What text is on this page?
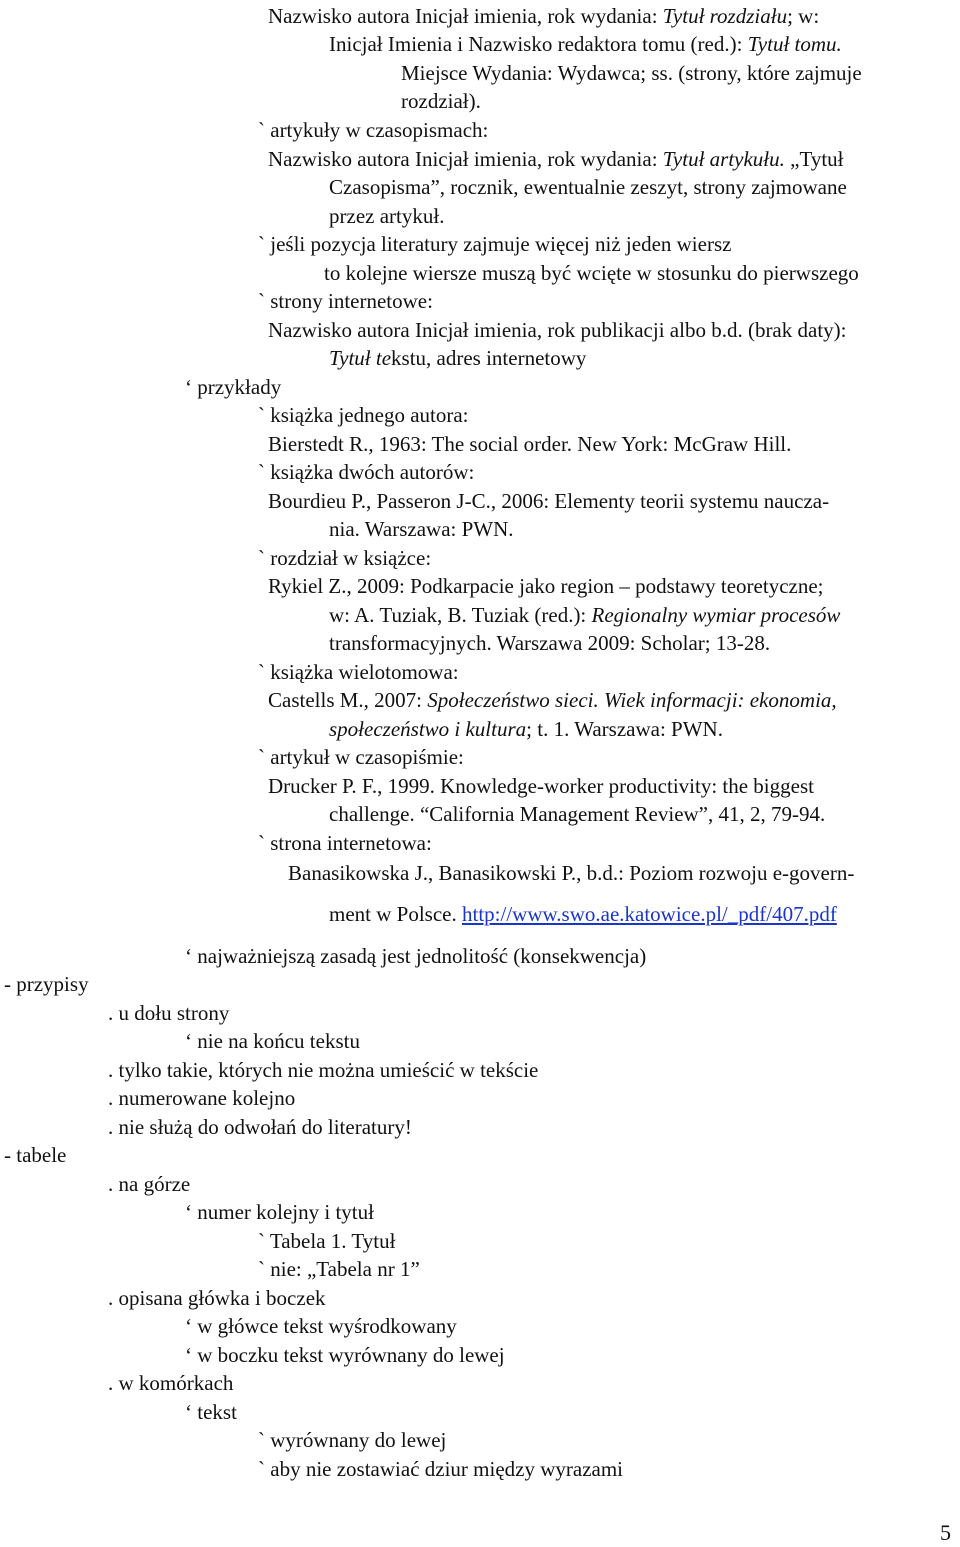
Nazwisko autora Inicjał imienia, rok wydania: Tytuł rozdziału; w:
Inicjał Imienia i Nazwisko redaktora tomu (red.): Tytuł tomu.
Miejsce Wydania: Wydawca; ss. (strony, które zajmuje
rozdział).
` artykuły w czasopismach:
Nazwisko autora Inicjał imienia, rok wydania: Tytuł artykułu. „Tytuł
Czasopisma”, rocznik, ewentualnie zeszyt, strony zajmowane
przez artykuł.
` jeśli pozycja literatury zajmuje więcej niż jeden wiersz
to kolejne wiersze muszą być wcięte w stosunku do pierwszego
` strony internetowe:
Nazwisko autora Inicjał imienia, rok publikacji albo b.d. (brak daty):
Tytuł tekstu, adres internetowy
‘ przykłady
` książka jednego autora:
Bierstedt R., 1963: The social order. New York: McGraw Hill.
` książka dwóch autorów:
Bourdieu P., Passeron J-C., 2006: Elementy teorii systemu naucza-
nia. Warszawa: PWN.
` rozdział w książce:
Rykiel Z., 2009: Podkarpacie jako region – podstawy teoretyczne;
w: A. Tuziak, B. Tuziak (red.): Regionalny wymiar procesów
transformacyjnych. Warszawa 2009: Scholar; 13-28.
` książka wielotomowa:
Castells M., 2007: Społeczeństwo sieci. Wiek informacji: ekonomia,
społeczeństwo i kultura; t. 1. Warszawa: PWN.
` artykuł w czasopiśmie:
Drucker P. F., 1999. Knowledge-worker productivity: the biggest
challenge. “California Management Review”, 41, 2, 79-94.
` strona internetowa:
Banasikowska J., Banasikowski P., b.d.: Poziom rozwoju e-govern-
ment w Polsce. http://www.swo.ae.katowice.pl/_pdf/407.pdf
‘ najważniejszą zasadą jest jednolitość (konsekwencja)
- przypisy
. u dołu strony
‘ nie na końcu tekstu
. tylko takie, których nie można umieścić w tekście
. numerowane kolejno
. nie służą do odwołań do literatury!
- tabele
. na górze
‘ numer kolejny i tytuł
` Tabela 1. Tytuł
` nie: „Tabela nr 1”
. opisana główka i boczek
‘ w główce tekst wyśrodkowany
‘ w boczku tekst wyrównany do lewej
. w komórkach
‘ tekst
` wyrównany do lewej
` aby nie zostawiać dziur między wyrazami
5
